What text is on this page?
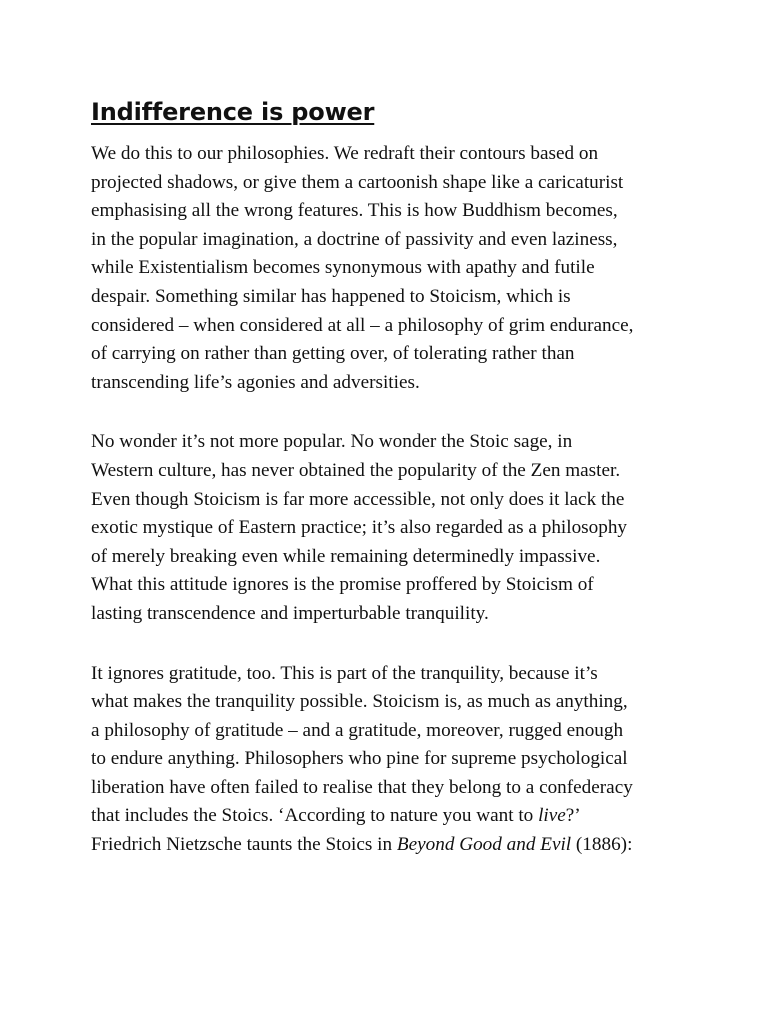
Indifference is power

We do this to our philosophies. We redraft their contours based on
projected shadows, or give them a cartoonish shape like a caricaturist
emphasising all the wrong features. This is how Buddhism becomes,
in the popular imagination, a doctrine of passivity and even laziness,
while Existentialism becomes synonymous with apathy and futile
despair. Something similar has happened to Stoicism, which is
considered – when considered at all – a philosophy of grim endurance,
of carrying on rather than getting over, of tolerating rather than
transcending life’s agonies and adversities.

No wonder it’s not more popular. No wonder the Stoic sage, in
Western culture, has never obtained the popularity of the Zen master.
Even though Stoicism is far more accessible, not only does it lack the
exotic mystique of Eastern practice; it’s also regarded as a philosophy
of merely breaking even while remaining determinedly impassive.
What this attitude ignores is the promise proffered by Stoicism of
lasting transcendence and imperturbable tranquility.

It ignores gratitude, too. This is part of the tranquility, because it’s
what makes the tranquility possible. Stoicism is, as much as anything,
a philosophy of gratitude – and a gratitude, moreover, rugged enough
to endure anything. Philosophers who pine for supreme psychological
liberation have often failed to realise that they belong to a confederacy
that includes the Stoics. ‘According to nature you want to live?’
Friedrich Nietzsche taunts the Stoics in Beyond Good and Evil (1886):
